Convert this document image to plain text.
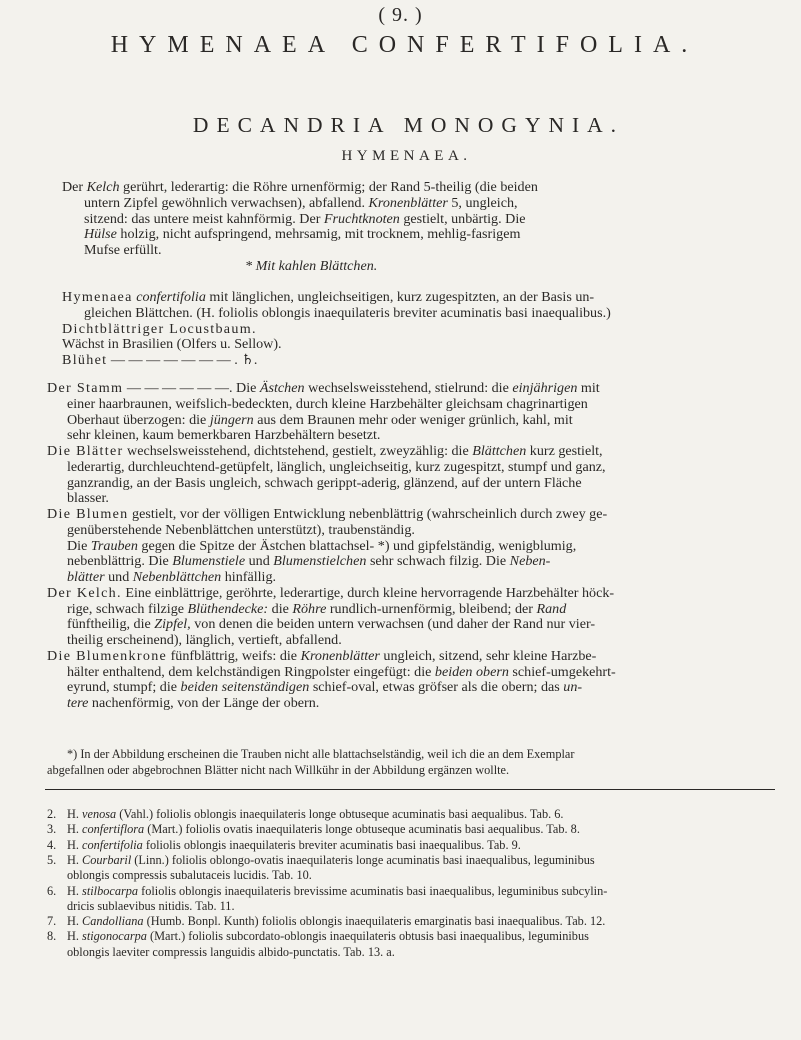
( 9. )
HYMENAEA CONFERTIFOLIA.
DECANDRIA MONOGYNIA.
HYMENAEA.
Der Kelch gerührt, lederartig: die Röhre urnenförmig; der Rand 5-theilig (die beiden
untern Zipfel gewöhnlich verwachsen), abfallend. Kronenblätter 5, ungleich,
sitzend: das untere meist kahnförmig. Der Fruchtknoten gestielt, unbärtig. Die
Hülse holzig, nicht aufspringend, mehrsamig, mit trocknem, mehlig-fasrigem
Mufse erfüllt.
* Mit kahlen Blättchen.
Hymenaea confertifolia mit länglichen, ungleichseitigen, kurz zugespitzten, an der Basis un-
gleichen Blättchen. (H. foliolis oblongis inaequilateris breviter acuminatis basi inaequalibus.)
Dichtblättriger Locustbaum.
Wächst in Brasilien (Olfers u. Sellow).
Blühet — — — — — — — . ♄.
Der Stamm — — — — — —. Die Ästchen wechselsweisstehend, stielrund: die einjährigen mit
einer haarbraunen, weifslich-bedeckten, durch kleine Harzbehälter gleichsam chagrinartigen
Oberhaut überzogen: die jüngern aus dem Braunen mehr oder weniger grünlich, kahl, mit
sehr kleinen, kaum bemerkbaren Harzbehältern besetzt.
Die Blätter wechselsweisstehend, dichtstehend, gestielt, zweyzählig: die Blättchen kurz gestielt,
lederartig, durchleuchtend-getüpfelt, länglich, ungleichseitig, kurz zugespitzt, stumpf und ganz,
ganzrandig, an der Basis ungleich, schwach gerippt-aderig, glänzend, auf der untern Fläche
blasser.
Die Blumen gestielt, vor der völligen Entwicklung nebenblättrig (wahrscheinlich durch zwey ge-
genüberstehende Nebenblättchen unterstützt), traubenständig.
Die Trauben gegen die Spitze der Ästchen blattachsel- *) und gipfelständig, wenigblumig,
nebenblättrig. Die Blumenstiele und Blumenstielchen sehr schwach filzig. Die Neben-
blätter und Nebenblättchen hinfällig.
Der Kelch. Eine einblättrige, geröhrte, lederartige, durch kleine hervorragende Harzbehälter höck-
rige, schwach filzige Blüthendecke: die Röhre rundlich-urnenförmig, bleibend; der Rand
fünftheilig, die Zipfel, von denen die beiden untern verwachsen (und daher der Rand nur vier-
theilig erscheinend), länglich, vertieft, abfallend.
Die Blumenkrone fünfblättrig, weifs: die Kronenblätter ungleich, sitzend, sehr kleine Harzbe-
hälter enthaltend, dem kelchständigen Ringpolster eingefügt: die beiden obern schief-umgekehrt-
eyrund, stumpf; die beiden seitenständigen schief-oval, etwas gröfser als die obern; das un-
tere nachenförmig, von der Länge der obern.
*) In der Abbildung erscheinen die Trauben nicht alle blattachselständig, weil ich die an dem Exemplar
abgefallnen oder abgebrochnen Blätter nicht nach Willkühr in der Abbildung ergänzen wollte.
2. H. venosa (Vahl.) foliolis oblongis inaequilateris longe obtuseque acuminatis basi aequalibus. Tab. 6.
3. H. confertiflora (Mart.) foliolis ovatis inaequilateris longe obtuseque acuminatis basi aequalibus. Tab. 8.
4. H. confertifolia foliolis oblongis inaequilateris breviter acuminatis basi inaequalibus. Tab. 9.
5. H. Courbaril (Linn.) foliolis oblongo-ovatis inaequilateris longe acuminatis basi inaequalibus, leguminibus
oblongis compressis subalutaceis lucidis. Tab. 10.
6. H. stilbocarpa foliolis oblongis inaequilateris brevissime acuminatis basi inaequalibus, leguminibus subcylin-
dricis sublaevibus nitidis. Tab. 11.
7. H. Candolliana (Humb. Bonpl. Kunth) foliolis oblongis inaequilateris emarginatis basi inaequalibus. Tab. 12.
8. H. stigonocarpa (Mart.) foliolis subcordato-oblongis inaequilateris obtusis basi inaequalibus, leguminibus
oblongis laeviter compressis languidis albido-punctatis. Tab. 13. a.
